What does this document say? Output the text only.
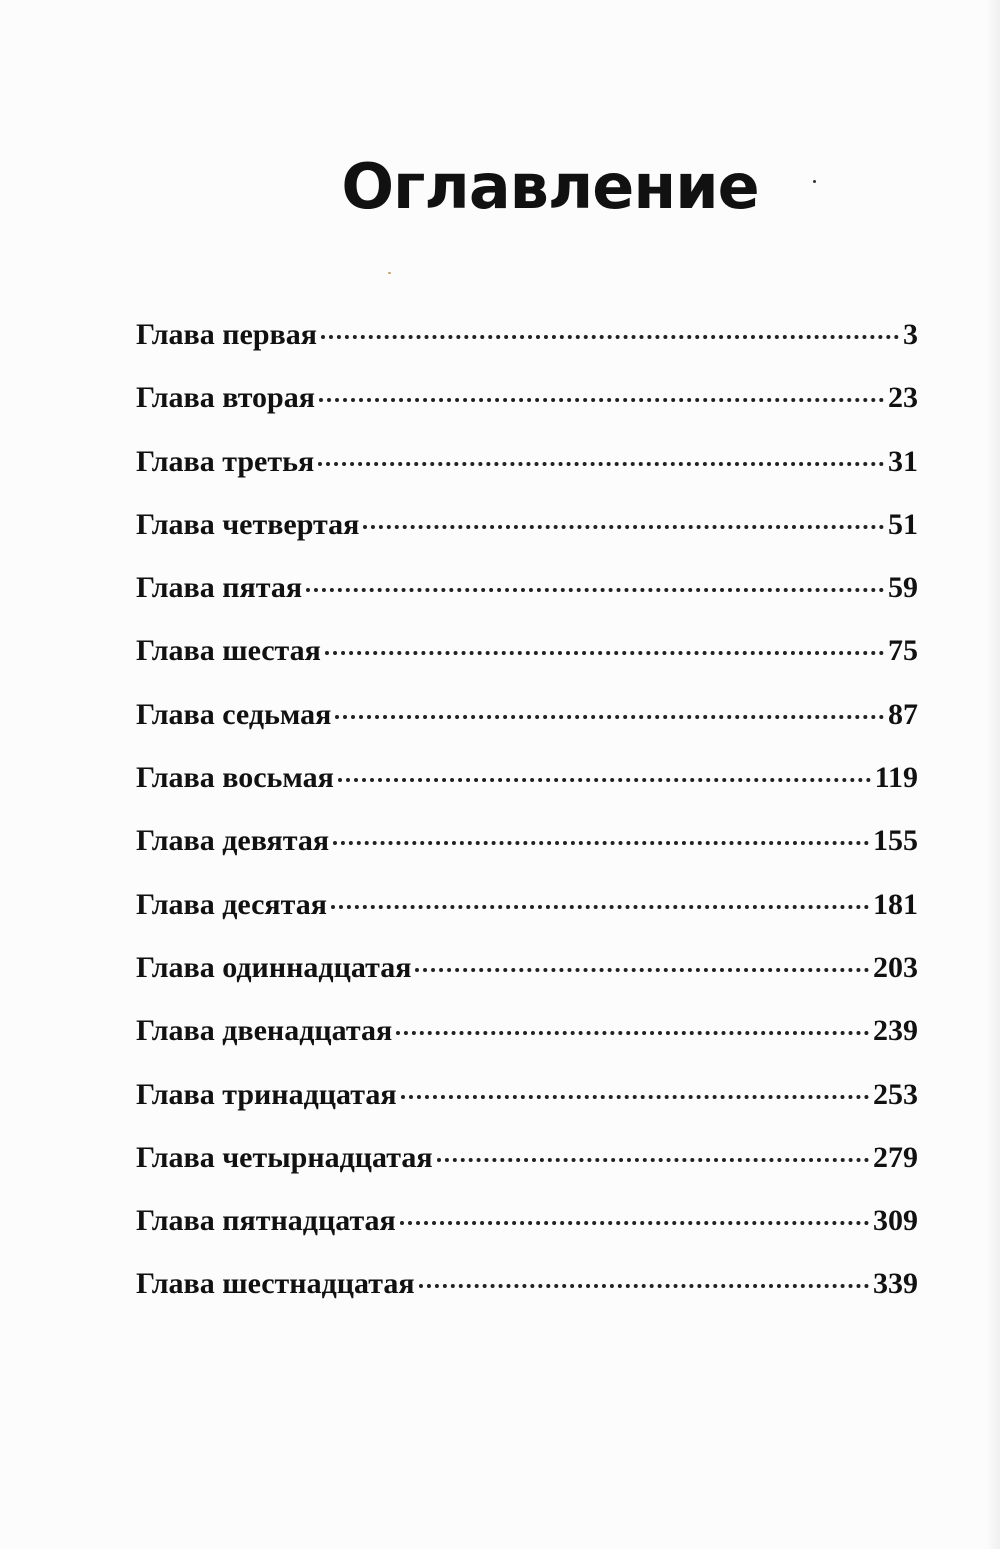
Оглавление
Глава первая	3
Глава вторая	23
Глава третья	31
Глава четвертая	51
Глава пятая	59
Глава шестая	75
Глава седьмая	87
Глава восьмая	119
Глава девятая	155
Глава десятая	181
Глава одиннадцатая	203
Глава двенадцатая	239
Глава тринадцатая	253
Глава четырнадцатая	279
Глава пятнадцатая	309
Глава шестнадцатая	339
